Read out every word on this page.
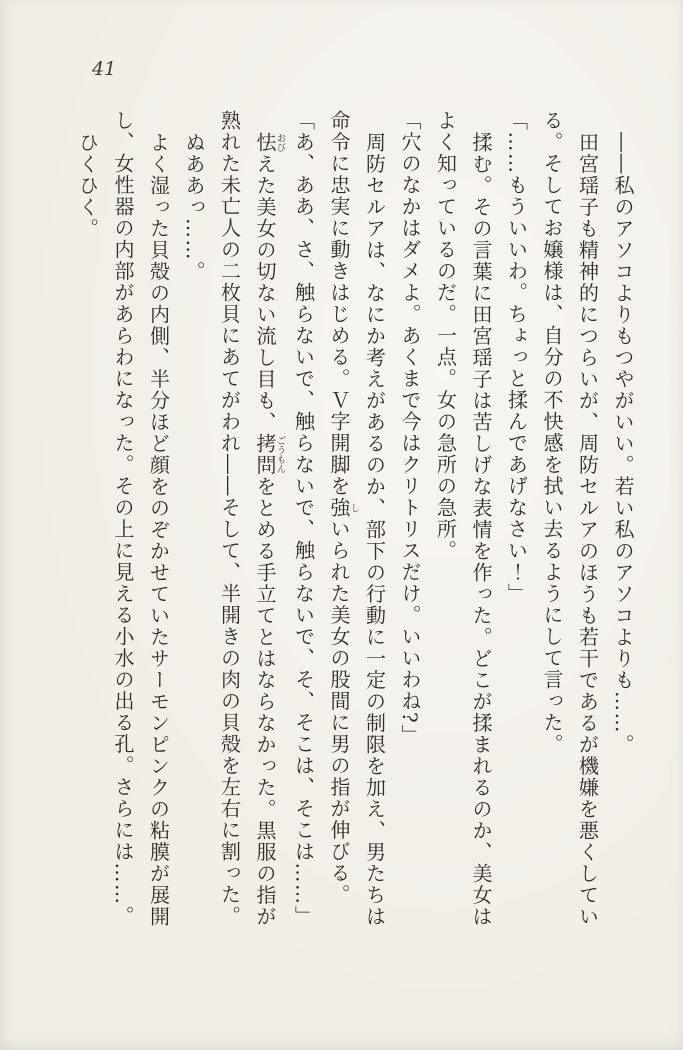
41

――私のアソコよりもつやがいい。若い私のアソコよりも……。

田宮瑶子も精神的につらいが、周防セルアのほうも若干であるが機嫌を悪くしている。そしてお嬢様は、自分の不快感を拭い去るようにして言った。

「……もういいわ。ちょっと揉んであげなさい！」

揉む。その言葉に田宮瑶子は苦しげな表情を作った。どこが揉まれるのか、美女はよく知っているのだ。一点。女の急所の急所。

「穴のなかはダメよ。あくまで今はクリトリスだけ。いいわね?」

周防セルアは、なにか考えがあるのか、部下の行動に一定の制限を加え、男たちは命令に忠実に動きはじめる。Ｖ字開脚を強しいられた美女の股間に男の指が伸びる。

「あ、ああ、さ、触らないで、触らないで、触らないで、そ、そこは、そこは……」

怯おびえた美女の切ない流し目も、拷問ごうもんをとめる手立てとはならなかった。黒服の指が熟れた未亡人の二枚貝にあてがわれ――そして、半開きの肉の貝殻を左右に割った。

ぬああっ……。

よく湿った貝殻の内側、半分ほど顔をのぞかせていたサーモンピンクの粘膜が展開し、女性器の内部があらわになった。その上に見える小水の出る孔。さらには……。

ひくひく。
